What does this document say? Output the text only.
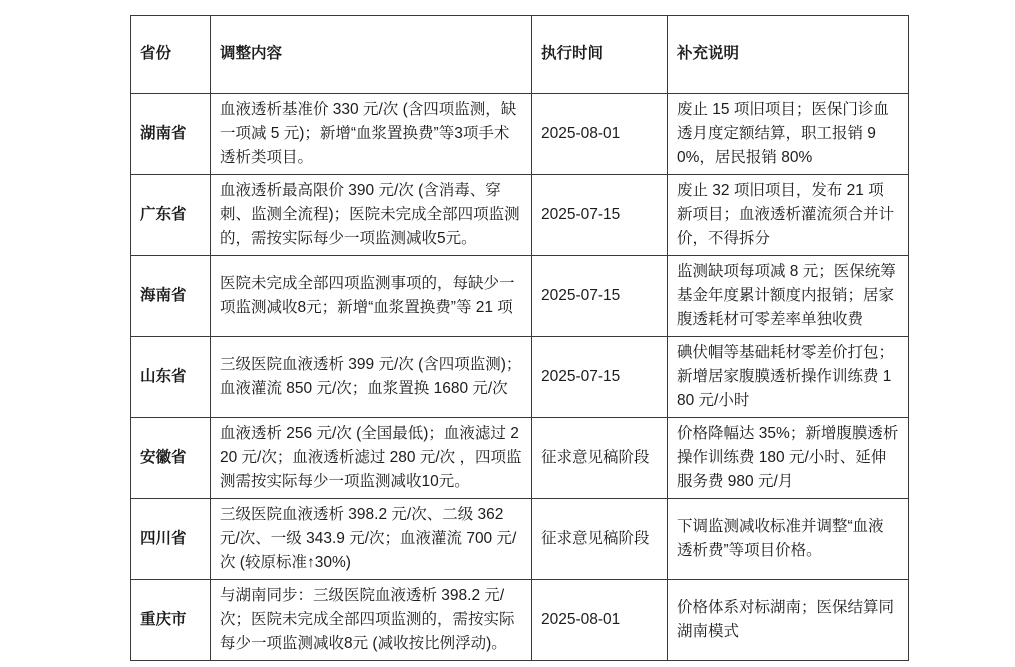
省份	调整内容	执行时间	补充说明
湖南省	血液透析基准价 330 元/次 (含四项监测，缺一项减 5 元)；新增“血浆置换费”等3项手术透析类项目。	2025-08-01	废止 15 项旧项目；医保门诊血透月度定额结算，职工报销 90%，居民报销 80%
广东省	血液透析最高限价 390 元/次 (含消毒、穿刺、监测全流程)；医院未完成全部四项监测的，需按实际每少一项监测减收5元。	2025-07-15	废止 32 项旧项目，发布 21 项新项目；血液透析灌流须合并计价，不得拆分
海南省	医院未完成全部四项监测事项的，每缺少一项监测减收8元；新增“血浆置换费”等 21 项	2025-07-15	监测缺项每项减 8 元；医保统筹基金年度累计额度内报销；居家腹透耗材可零差率单独收费
山东省	三级医院血液透析 399 元/次 (含四项监测)；血液灌流 850 元/次；血浆置换 1680 元/次	2025-07-15	碘伏帽等基础耗材零差价打包；新增居家腹膜透析操作训练费 180 元/小时
安徽省	血液透析 256 元/次 (全国最低)；血液滤过 220 元/次；血液透析滤过 280 元/次 ，四项监测需按实际每少一项监测减收10元。	征求意见稿阶段	价格降幅达 35%；新增腹膜透析操作训练费 180 元/小时、延伸服务费 980 元/月
四川省	三级医院血液透析 398.2 元/次、二级 362 元/次、一级 343.9 元/次；血液灌流 700 元/次 (较原标准↑30%)	征求意见稿阶段	下调监测减收标准并调整“血液透析费”等项目价格。
重庆市	与湖南同步：三级医院血液透析 398.2 元/次；医院未完成全部四项监测的，需按实际每少一项监测减收8元 (减收按比例浮动)。	2025-08-01	价格体系对标湖南；医保结算同湖南模式
